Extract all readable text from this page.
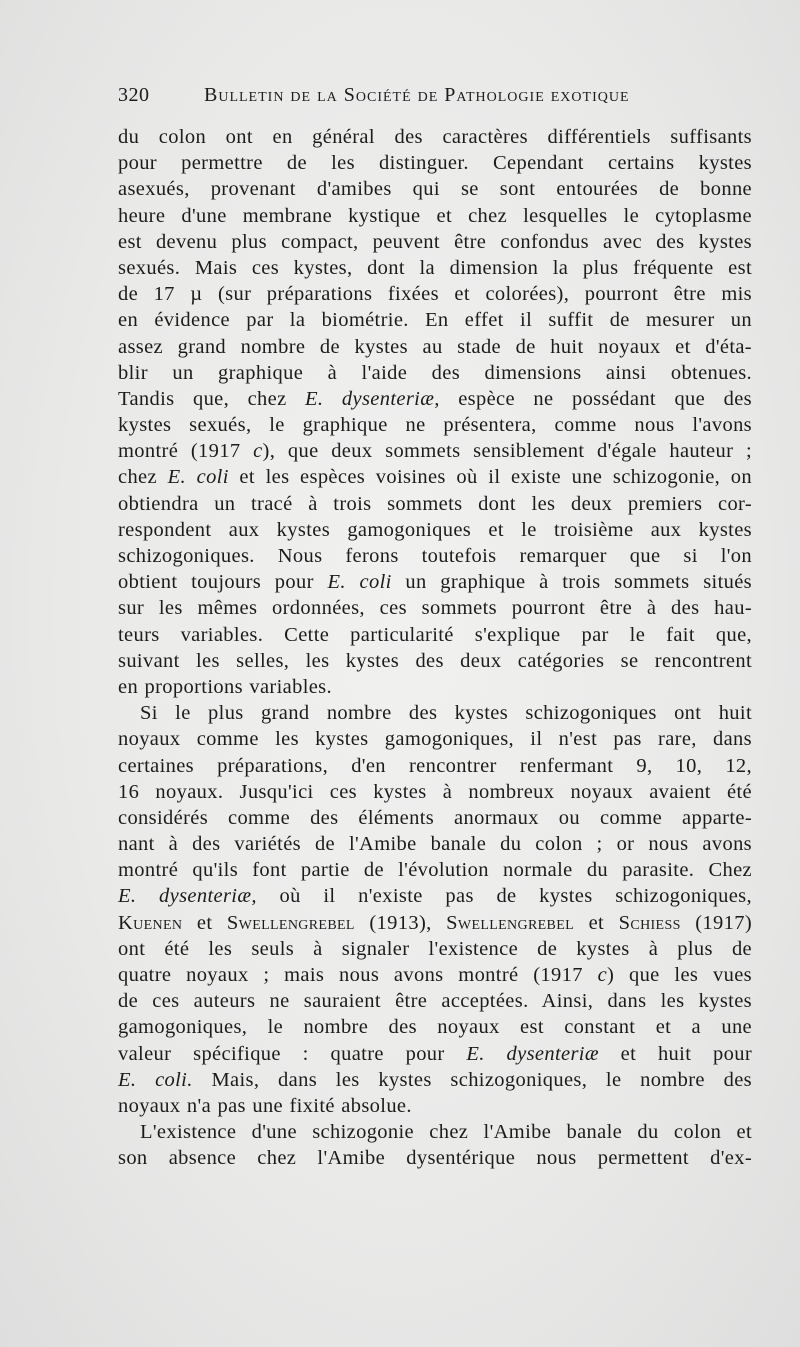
320	Bulletin de la Société de Pathologie exotique
du colon ont en général des caractères différentiels suffisants
pour permettre de les distinguer. Cependant certains kystes
asexués, provenant d'amibes qui se sont entourées de bonne
heure d'une membrane kystique et chez lesquelles le cytoplasme
est devenu plus compact, peuvent être confondus avec des kystes
sexués. Mais ces kystes, dont la dimension la plus fréquente est
de 17 µ (sur préparations fixées et colorées), pourront être mis
en évidence par la biométrie. En effet il suffit de mesurer un
assez grand nombre de kystes au stade de huit noyaux et d'éta-
blir un graphique à l'aide des dimensions ainsi obtenues.
Tandis que, chez E. dysenteriæ, espèce ne possédant que des
kystes sexués, le graphique ne présentera, comme nous l'avons
montré (1917 c), que deux sommets sensiblement d'égale hauteur ;
chez E. coli et les espèces voisines où il existe une schizogonie, on
obtiendra un tracé à trois sommets dont les deux premiers cor-
respondent aux kystes gamogoniques et le troisième aux kystes
schizogoniques. Nous ferons toutefois remarquer que si l'on
obtient toujours pour E. coli un graphique à trois sommets situés
sur les mêmes ordonnées, ces sommets pourront être à des hau-
teurs variables. Cette particularité s'explique par le fait que,
suivant les selles, les kystes des deux catégories se rencontrent
en proportions variables.
Si le plus grand nombre des kystes schizogoniques ont huit
noyaux comme les kystes gamogoniques, il n'est pas rare, dans
certaines préparations, d'en rencontrer renfermant 9, 10, 12,
16 noyaux. Jusqu'ici ces kystes à nombreux noyaux avaient été
considérés comme des éléments anormaux ou comme apparte-
nant à des variétés de l'Amibe banale du colon ; or nous avons
montré qu'ils font partie de l'évolution normale du parasite. Chez
E. dysenteriæ, où il n'existe pas de kystes schizogoniques,
Kuenen et Swellengrebel (1913), Swellengrebel et Schiess (1917)
ont été les seuls à signaler l'existence de kystes à plus de
quatre noyaux ; mais nous avons montré (1917 c) que les vues
de ces auteurs ne sauraient être acceptées. Ainsi, dans les kystes
gamogoniques, le nombre des noyaux est constant et a une
valeur spécifique : quatre pour E. dysenteriæ et huit pour
E. coli. Mais, dans les kystes schizogoniques, le nombre des
noyaux n'a pas une fixité absolue.
L'existence d'une schizogonie chez l'Amibe banale du colon et
son absence chez l'Amibe dysentérique nous permettent d'ex-
